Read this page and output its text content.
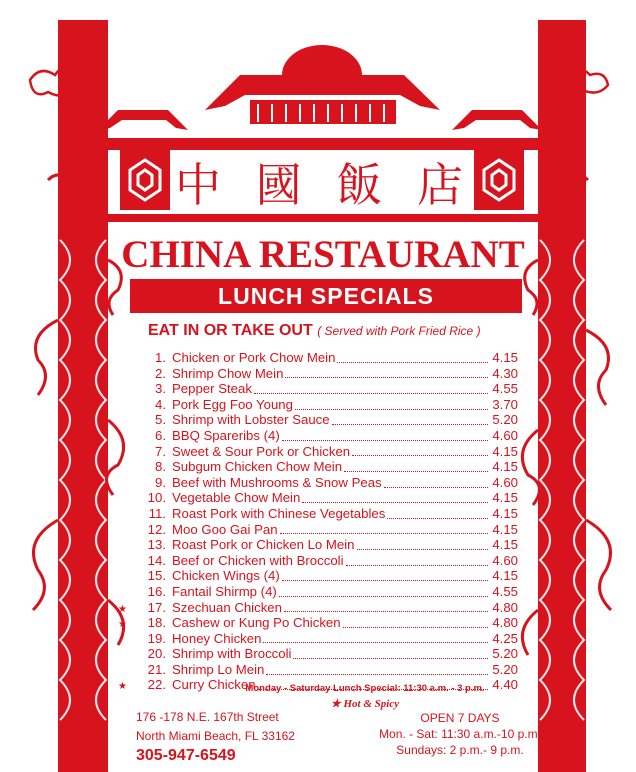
中 國 飯 店
CHINA RESTAURANT
LUNCH SPECIALS
EAT IN OR TAKE OUT ( Served with Pork Fried Rice )
1. Chicken or Pork Chow Mein	4.15
2. Shrimp Chow Mein	4.30
3. Pepper Steak	4.55
4. Pork Egg Foo Young	3.70
5. Shrimp with Lobster Sauce	5.20
6. BBQ Spareribs (4)	4.60
7. Sweet & Sour Pork or Chicken	4.15
8. Subgum Chicken Chow Mein	4.15
9. Beef with Mushrooms & Snow Peas	4.60
10. Vegetable Chow Mein	4.15
11. Roast Pork with Chinese Vegetables	4.15
12. Moo Goo Gai Pan	4.15
13. Roast Pork or Chicken Lo Mein	4.15
14. Beef or Chicken with Broccoli	4.60
15. Chicken Wings (4)	4.15
16. Fantail Shirmp (4)	4.55
★	17. Szechuan Chicken	4.80
★	18. Cashew or Kung Po Chicken	4.80
19. Honey Chicken	4.25
20. Shrimp with Broccoli	5.20
21. Shrimp Lo Mein	5.20
★	22. Curry Chicken	4.40
Monday - Saturday Lunch Special: 11:30 a.m. - 3 p.m.
★ Hot & Spicy
176 -178 N.E. 167th Street
North Miami Beach, FL 33162
305-947-6549
OPEN 7 DAYS
Mon. - Sat: 11:30 a.m.-10 p.m.
Sundays: 2 p.m.- 9 p.m.
